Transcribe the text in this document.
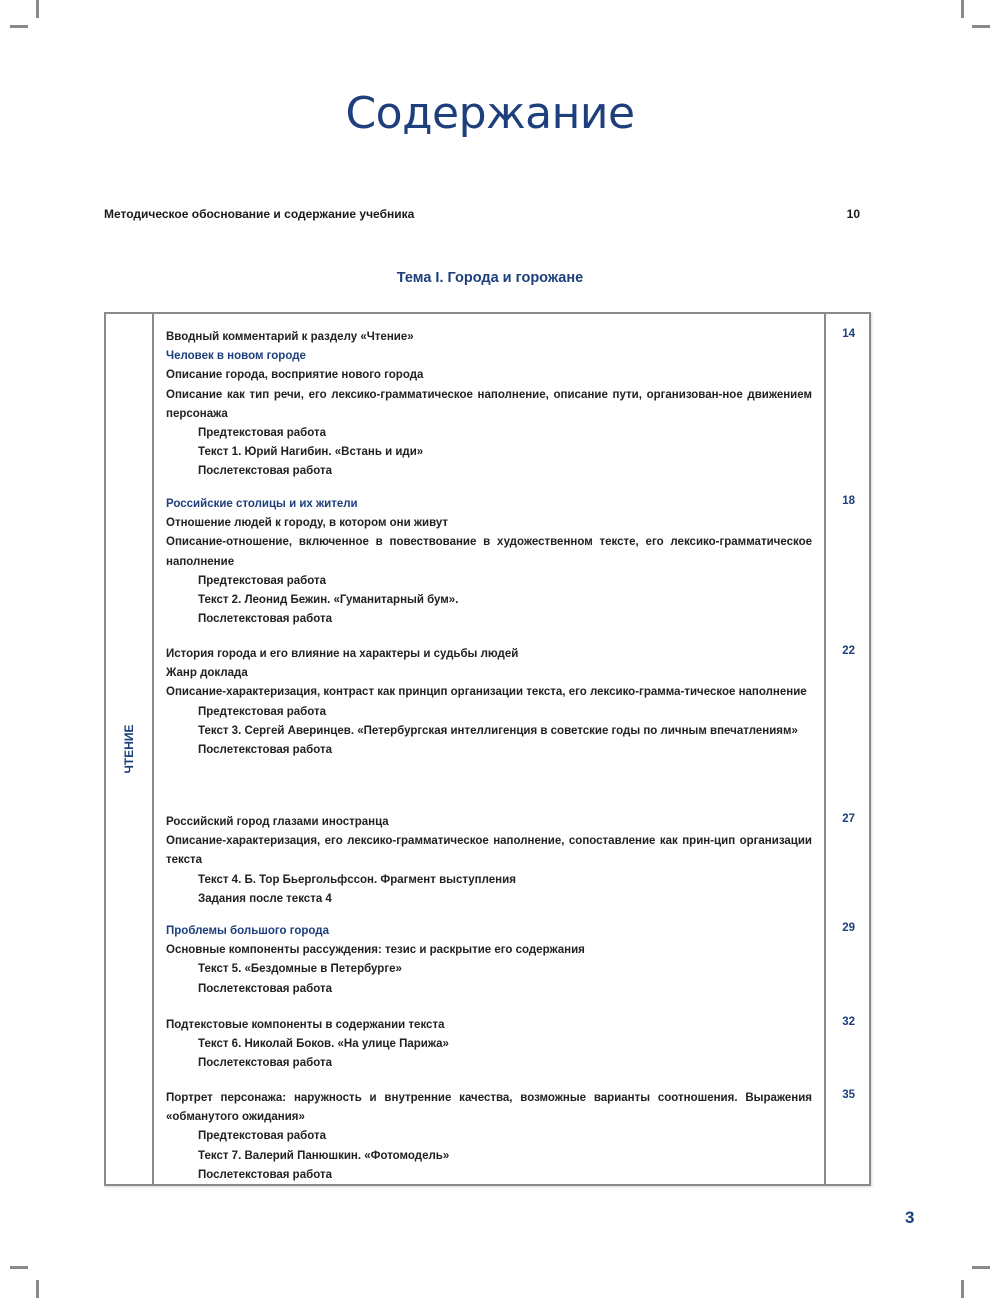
Содержание
Методическое обоснование и содержание учебника	10
Тема I. Города и горожане
ЧТЕНИЕ
Вводный комментарий к разделу «Чтение»
Человек в новом городе
Описание города, восприятие нового города
Описание как тип речи, его лексико-грамматическое наполнение, описание пути, организован-ное движением персонажа
Предтекстовая работа
Текст 1. Юрий Нагибин. «Встань и иди»
Послетекстовая работа
Российские столицы и их жители
Отношение людей к городу, в котором они живут
Описание-отношение, включенное в повествование в художественном тексте, его лексико-грамматическое наполнение
Предтекстовая работа
Текст 2. Леонид Бежин. «Гуманитарный бум».
Послетекстовая работа
История города и его влияние на характеры и судьбы людей
Жанр доклада
Описание-характеризация, контраст как принцип организации текста, его лексико-грамма-тическое наполнение
Предтекстовая работа
Текст 3. Сергей Аверинцев. «Петербургская интеллигенция в советские годы по личным впечатлениям»
Послетекстовая работа
Российский город глазами иностранца
Описание-характеризация, его лексико-грамматическое наполнение, сопоставление как прин-цип организации текста
Текст 4. Б. Тор Бьергольфссон. Фрагмент выступления
Задания после текста 4
Проблемы большого города
Основные компоненты рассуждения: тезис и раскрытие его содержания
Текст 5. «Бездомные в Петербурге»
Послетекстовая работа
Подтекстовые компоненты в содержании текста
Текст 6. Николай Боков. «На улице Парижа»
Послетекстовая работа
Портрет персонажа: наружность и внутренние качества, возможные варианты соотношения. Выражения «обманутого ожидания»
Предтекстовая работа
Текст 7. Валерий Панюшкин. «Фотомодель»
Послетекстовая работа
14
18
22
27
29
32
35
3
